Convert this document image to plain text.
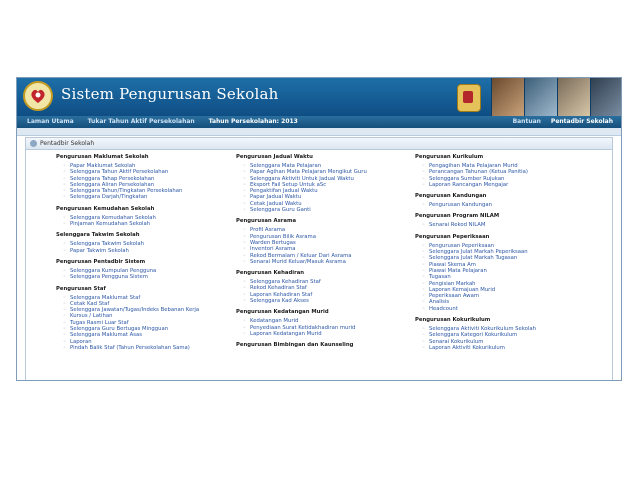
Sistem Pengurusan Sekolah
Laman Utama Tukar Tahun Aktif Persekolahan Tahun Persekolahan: 2013	Bantuan Pentadbir Sekolah
Pentadbir Sekolah
Pengurusan Maklumat Sekolah
◦ Papar Maklumat Sekolah
◦ Selenggara Tahun Aktif Persekolahan
◦ Selenggara Tahap Persekolahan
◦ Selenggara Aliran Persekolahan
◦ Selenggara Tahun/Tingkatan Persekolahan
◦ Selenggara Darjah/Tingkatan
Pengurusan Kemudahan Sekolah
◦ Selenggara Kemudahan Sekolah
◦ Pinjaman Kemudahan Sekolah
Selenggara Takwim Sekolah
◦ Selenggara Takwim Sekolah
◦ Papar Takwim Sekolah
Pengurusan Pentadbir Sistem
◦ Selenggara Kumpulan Pengguna
◦ Selenggara Pengguna Sistem
Pengurusan Staf
◦ Selenggara Maklumat Staf
◦ Cetak Kad Staf
◦ Selenggara Jawatan/Tugas/Indeks Bebanan Kerja
◦ Kursus / Latihan
◦ Tugas Rasmi Luar Staf
◦ Selenggara Guru Bertugas Mingguan
◦ Selenggara Maklumat Asas
◦ Laporan
◦ Pindah Balik Staf (Tahun Persekolahan Sama)
Pengurusan Jadual Waktu
◦ Selenggara Mata Pelajaran
◦ Papar Agihan Mata Pelajaran Mengikut Guru
◦ Selenggara Aktiviti Untuk Jadual Waktu
◦ Eksport Fail Setup Untuk aSc
◦ Pengaktifan Jadual Waktu
◦ Papar Jadual Waktu
◦ Cetak Jadual Waktu
◦ Selenggara Guru Ganti
Pengurusan Asrama
◦ Profil Asrama
◦ Pengurusan Bilik Asrama
◦ Warden Bertugas
◦ Inventori Asrama
◦ Rekod Bermalam / Keluar Dari Asrama
◦ Senarai Murid Keluar/Masuk Asrama
Pengurusan Kehadiran
◦ Selenggara Kehadiran Staf
◦ Rekod Kehadiran Staf
◦ Laporan Kehadiran Staf
◦ Selenggara Kad Akses
Pengurusan Kedatangan Murid
◦ Kedatangan Murid
◦ Penyediaan Surat Ketidakhadiran murid
◦ Laporan Kedatangan Murid
Pengurusan Bimbingan dan Kaunseling
Pengurusan Kurikulum
◦ Pengagihan Mata Pelajaran Murid
◦ Perancangan Tahunan (Ketua Panitia)
◦ Selenggara Sumber Rujukan
◦ Laporan Rancangan Mengajar
Pengurusan Kandungan
◦ Pengurusan Kandungan
Pengurusan Program NILAM
◦ Senarai Rekod NILAM
Pengurusan Peperiksaan
◦ Pengurusan Peperiksaan
◦ Selenggara Julat Markah Peperiksaan
◦ Selenggara Julat Markah Tugasan
◦ Piawai Skema Am
◦ Piawai Mata Pelajaran
◦ Tugasan
◦ Pengisian Markah
◦ Laporan Kemajuan Murid
◦ Peperiksaan Awam
◦ Analisis
◦ Headcount
Pengurusan Kokurikulum
◦ Selenggara Aktiviti Kokurikulum Sekolah
◦ Selenggara Kategori Kokurikulum
◦ Senarai Kokurikulum
◦ Laporan Aktiviti Kokurikulum
